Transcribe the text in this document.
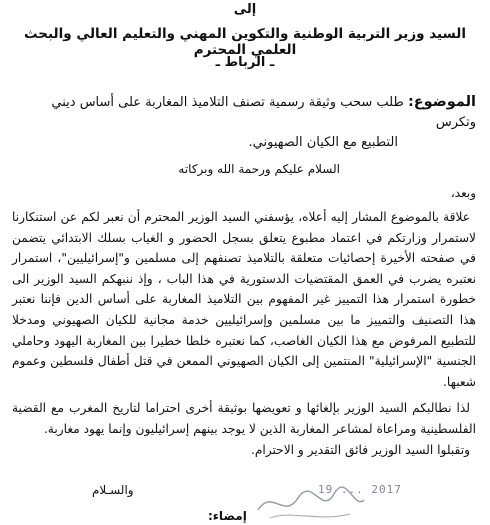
إلى
السيد وزير التربية الوطنية والتكوين المهني والتعليم العالي والبحث العلمي المحترم
ـ الرباط ـ
الموضوع: طلب سحب وثيقة رسمية تصنف التلاميذ المغاربة على أساس ديني وتكرس
التطبيع مع الكيان الصهيوني.
السلام عليكم ورحمة الله وبركاته
وبعد،

علاقة بالموضوع المشار إليه أعلاه، يؤسفني السيد الوزير المحترم أن نعبر لكم عن استنكارنا لاستمرار وزارتكم في اعتماد مطبوع يتعلق بسجل الحضور و الغياب بسلك الابتدائي يتضمن في صفحته الأخيرة إحصائيات متعلقة بالتلاميذ تصنفهم إلى مسلمين و"إسرائيليين"، استمرار نعتبره يضرب في العمق المقتضيات الدستورية في هذا الباب ، وإذ ننبهكم السيد الوزير الى خطورة استمرار هذا التمييز غير المفهوم بين التلاميذ المغاربة على أساس الدين فإننا نعتبر هذا التصنيف والتمييز ما بين مسلمين وإسرائيليين خدمة مجانية للكيان الصهيوني ومدخلا للتطبيع المرفوض مع هذا الكيان الغاصب، كما نعتبره خلطا خطيرا بين المغاربة اليهود وحاملي الجنسية "الإسرائيلية" المنتمين إلى الكيان الصهيوني الممعن في قتل أطفال فلسطين وعموم شعبها.

لذا نطالبكم السيد الوزير بإلغائها و تعويضها بوثيقة أخرى احتراما لتاريخ المغرب مع القضية الفلسطينية ومراعاة لمشاعر المغاربة الذين لا يوجد بينهم إسرائيليون وإنما يهود مغاربة.

وتقبلوا السيد الوزير فائق التقدير و الاحترام.

2017 ... 19
والسـلام
إمضاء:
